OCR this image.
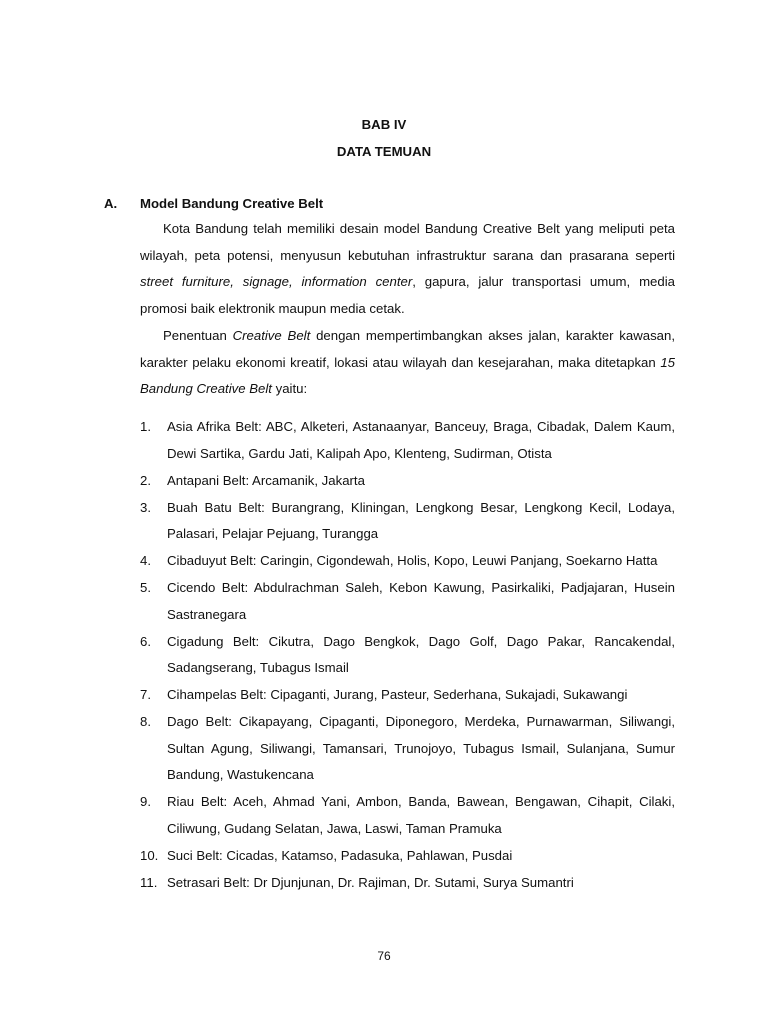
BAB IV
DATA TEMUAN
A. Model Bandung Creative Belt

Kota Bandung telah memiliki desain model Bandung Creative Belt yang meliputi peta wilayah, peta potensi, menyusun kebutuhan infrastruktur sarana dan prasarana seperti street furniture, signage, information center, gapura, jalur transportasi umum, media promosi baik elektronik maupun media cetak.

Penentuan Creative Belt dengan mempertimbangkan akses jalan, karakter kawasan, karakter pelaku ekonomi kreatif, lokasi atau wilayah dan kesejarahan, maka ditetapkan 15 Bandung Creative Belt yaitu:

1. Asia Afrika Belt: ABC, Alketeri, Astanaanyar, Banceuy, Braga, Cibadak, Dalem Kaum, Dewi Sartika, Gardu Jati, Kalipah Apo, Klenteng, Sudirman, Otista
2. Antapani Belt: Arcamanik, Jakarta
3. Buah Batu Belt: Burangrang, Kliningan, Lengkong Besar, Lengkong Kecil, Lodaya, Palasari, Pelajar Pejuang, Turangga
4. Cibaduyut Belt: Caringin, Cigondewah, Holis, Kopo, Leuwi Panjang, Soekarno Hatta
5. Cicendo Belt: Abdulrachman Saleh, Kebon Kawung, Pasirkaliki, Padjajaran, Husein Sastranegara
6. Cigadung Belt: Cikutra, Dago Bengkok, Dago Golf, Dago Pakar, Rancakendal, Sadangserang, Tubagus Ismail
7. Cihampelas Belt: Cipaganti, Jurang, Pasteur, Sederhana, Sukajadi, Sukawangi
8. Dago Belt: Cikapayang, Cipaganti, Diponegoro, Merdeka, Purnawarman, Siliwangi, Sultan Agung, Siliwangi, Tamansari, Trunojoyo, Tubagus Ismail, Sulanjana, Sumur Bandung, Wastukencana
9. Riau Belt: Aceh, Ahmad Yani, Ambon, Banda, Bawean, Bengawan, Cihapit, Cilaki, Ciliwung, Gudang Selatan, Jawa, Laswi, Taman Pramuka
10. Suci Belt: Cicadas, Katamso, Padasuka, Pahlawan, Pusdai
11. Setrasari Belt: Dr Djunjunan, Dr. Rajiman, Dr. Sutami, Surya Sumantri
76
